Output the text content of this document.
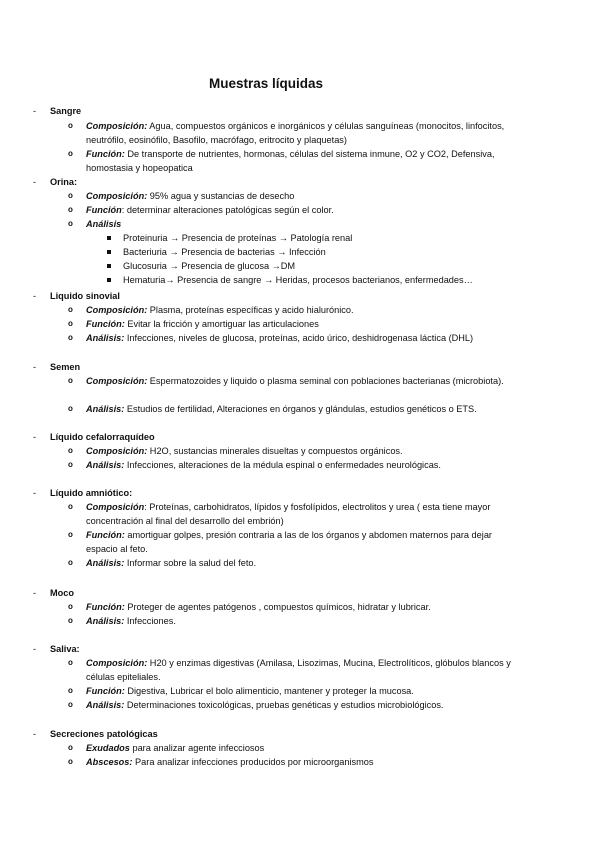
Muestras líquidas
- Sangre
o Composición: Agua, compuestos orgánicos e inorgánicos y células sanguíneas (monocitos, linfocitos, neutrófilo, eosinófilo, Basofilo, macrófago, eritrocito y plaquetas)
o Función: De transporte de nutrientes, hormonas, células del sistema inmune, O2 y CO2, Defensiva, homostasia y hopeopatica
- Orina:
o Composición: 95% agua y sustancias de desecho
o Función: determinar alteraciones patológicas según el color.
o Análisis
Proteinuria → Presencia de proteínas → Patología renal
Bacteriuria → Presencia de bacterias → Infección
Glucosuria → Presencia de glucosa →DM
Hematuria→ Presencia de sangre → Heridas, procesos bacterianos, enfermedades…
- Liquido sinovial
o Composición: Plasma, proteínas específicas y acido hialurónico.
o Función: Evitar la fricción y amortiguar las articulaciones
o Análisis: Infecciones, niveles de glucosa, proteínas, acido úrico, deshidrogenasa láctica (DHL)
- Semen
o Composición: Espermatozoides y liquido o plasma seminal con poblaciones bacterianas (microbiota).
o Análisis: Estudios de fertilidad, Alteraciones en órganos y glándulas, estudios genéticos o ETS.
- Líquido cefalorraquídeo
o Composición: H2O, sustancias minerales disueltas y compuestos orgánicos.
o Análisis: Infecciones, alteraciones de la médula espinal o enfermedades neurológicas.
- Líquido amniótico:
o Composición: Proteínas, carbohidratos, lípidos y fosfolípidos, electrolitos y urea ( esta tiene mayor concentración al final del desarrollo del embrión)
o Función: amortiguar golpes, presión contraria a las de los órganos y abdomen maternos para dejar espacio al feto.
o Análisis: Informar sobre la salud del feto.
- Moco
o Función: Proteger de agentes patógenos , compuestos químicos, hidratar y lubricar.
o Análisis: Infecciones.
- Saliva:
o Composición: H20 y enzimas digestivas (Amilasa, Lisozimas, Mucina, Electrolíticos, glóbulos blancos y células epiteliales.
o Función: Digestiva, Lubricar el bolo alimenticio, mantener y proteger la mucosa.
o Análisis: Determinaciones toxicológicas, pruebas genéticas y estudios microbiológicos.
- Secreciones patológicas
o Exudados para analizar agente infecciosos
o Abscesos: Para analizar infecciones producidos por microorganismos
